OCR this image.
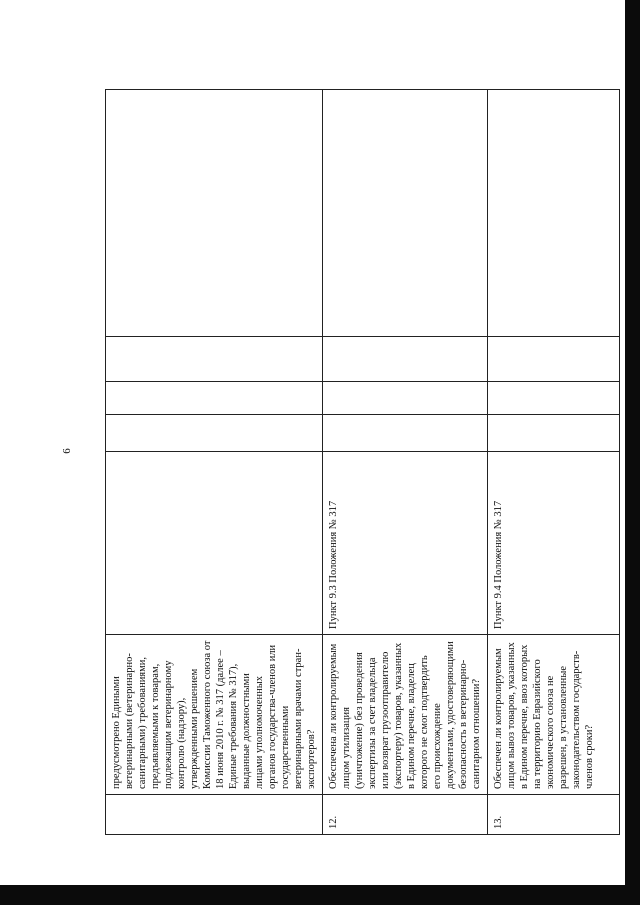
6
	предусмотрено Едиными ветеринарными (ветеринарно-санитарными) требованиями, предъявляемыми к товарам, подлежащим ветеринарному контролю (надзору), утвержденными решением Комиссии Таможенного союза от 18 июня 2010 г. № 317 (далее – Единые требования № 317), выданные должностными лицами уполномоченных органов государства-членов или государственными ветеринарными врачами стран-экспортеров?					
12.	Обеспечена ли контролируемым лицом утилизация (уничтожение) без проведения экспертизы за счет владельца или возврат грузоотправителю (экспортеру) товаров, указанных в Едином перечне, владелец которого не смог подтвердить его происхождение документами, удостоверяющими безопасность в ветеринарно-санитарном отношении?	Пункт 9.3 Положения № 317				
13.	Обеспечен ли контролируемым лицом вывоз товаров, указанных в Едином перечне, ввоз которых на территорию Евразийского экономического союза не разрешен, в установленные законодательством государств-членов сроки?	Пункт 9.4 Положения № 317				
